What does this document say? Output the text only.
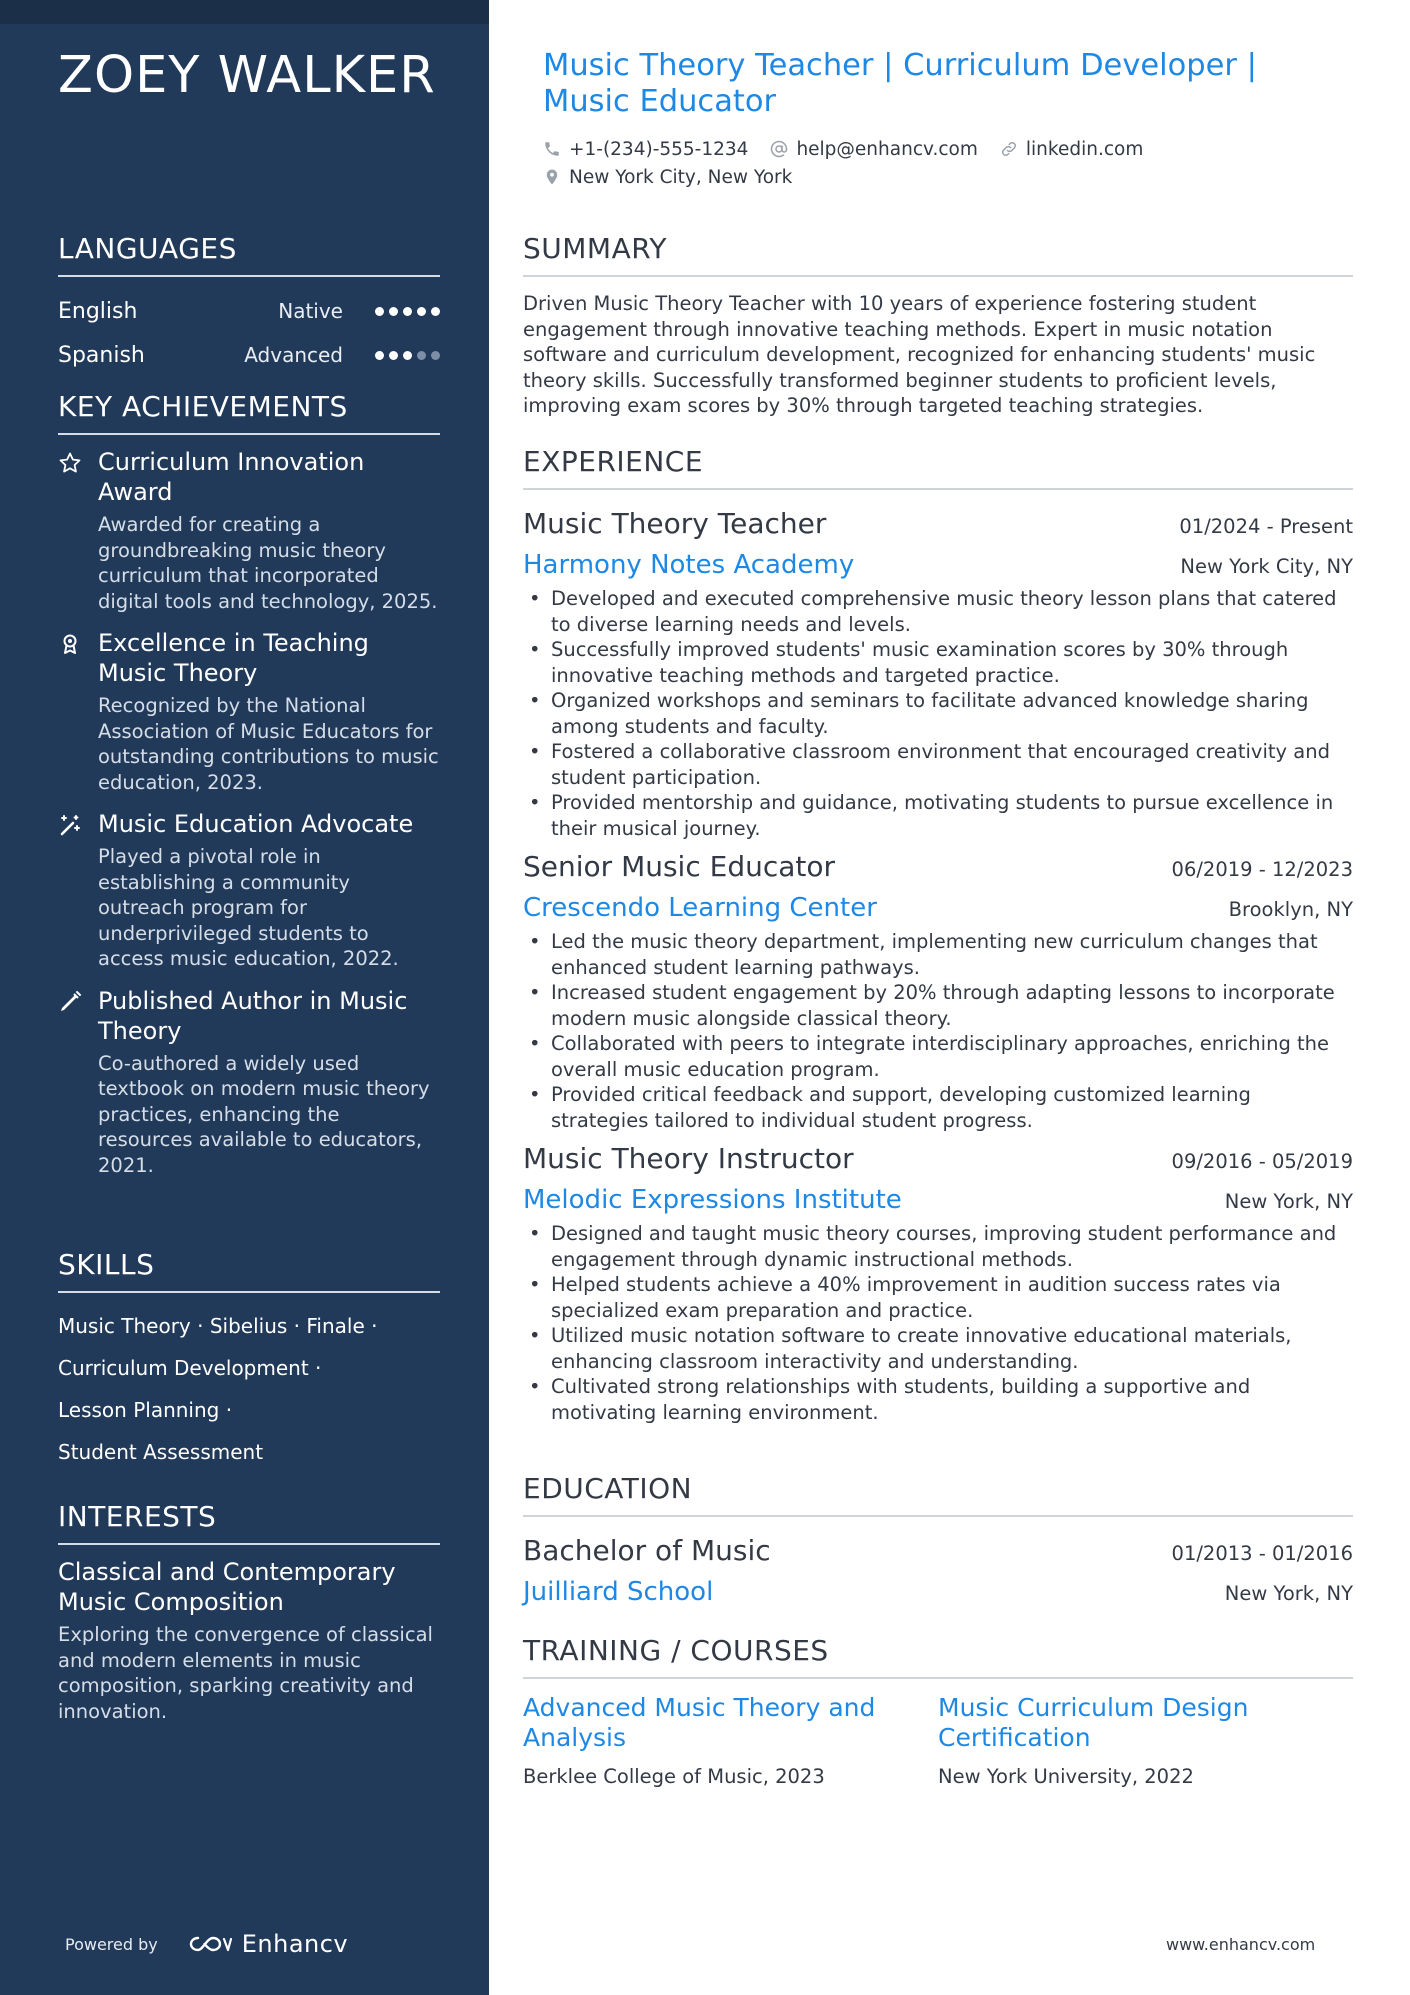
ZOEY WALKER
LANGUAGES
English	Native
Spanish	Advanced
KEY ACHIEVEMENTS
Curriculum Innovation Award
Awarded for creating a groundbreaking music theory curriculum that incorporated digital tools and technology, 2025.
Excellence in Teaching Music Theory
Recognized by the National Association of Music Educators for outstanding contributions to music education, 2023.
Music Education Advocate
Played a pivotal role in establishing a community outreach program for underprivileged students to access music education, 2022.
Published Author in Music Theory
Co-authored a widely used textbook on modern music theory practices, enhancing the resources available to educators, 2021.
SKILLS
Music Theory · Sibelius · Finale ·
Curriculum Development ·
Lesson Planning ·
Student Assessment
INTERESTS
Classical and Contemporary Music Composition
Exploring the convergence of classical and modern elements in music composition, sparking creativity and innovation.
Powered by	Enhancv
Music Theory Teacher | Curriculum Developer | Music Educator
+1-(234)-555-1234	help@enhancv.com	linkedin.com
New York City, New York
SUMMARY
Driven Music Theory Teacher with 10 years of experience fostering student engagement through innovative teaching methods. Expert in music notation software and curriculum development, recognized for enhancing students' music theory skills. Successfully transformed beginner students to proficient levels, improving exam scores by 30% through targeted teaching strategies.
EXPERIENCE
Music Theory Teacher	01/2024 - Present
Harmony Notes Academy	New York City, NY
• Developed and executed comprehensive music theory lesson plans that catered to diverse learning needs and levels.
• Successfully improved students' music examination scores by 30% through innovative teaching methods and targeted practice.
• Organized workshops and seminars to facilitate advanced knowledge sharing among students and faculty.
• Fostered a collaborative classroom environment that encouraged creativity and student participation.
• Provided mentorship and guidance, motivating students to pursue excellence in their musical journey.
Senior Music Educator	06/2019 - 12/2023
Crescendo Learning Center	Brooklyn, NY
• Led the music theory department, implementing new curriculum changes that enhanced student learning pathways.
• Increased student engagement by 20% through adapting lessons to incorporate modern music alongside classical theory.
• Collaborated with peers to integrate interdisciplinary approaches, enriching the overall music education program.
• Provided critical feedback and support, developing customized learning strategies tailored to individual student progress.
Music Theory Instructor	09/2016 - 05/2019
Melodic Expressions Institute	New York, NY
• Designed and taught music theory courses, improving student performance and engagement through dynamic instructional methods.
• Helped students achieve a 40% improvement in audition success rates via specialized exam preparation and practice.
• Utilized music notation software to create innovative educational materials, enhancing classroom interactivity and understanding.
• Cultivated strong relationships with students, building a supportive and motivating learning environment.
EDUCATION
Bachelor of Music	01/2013 - 01/2016
Juilliard School	New York, NY
TRAINING / COURSES
Advanced Music Theory and Analysis
Berklee College of Music, 2023
Music Curriculum Design Certification
New York University, 2022
www.enhancv.com
